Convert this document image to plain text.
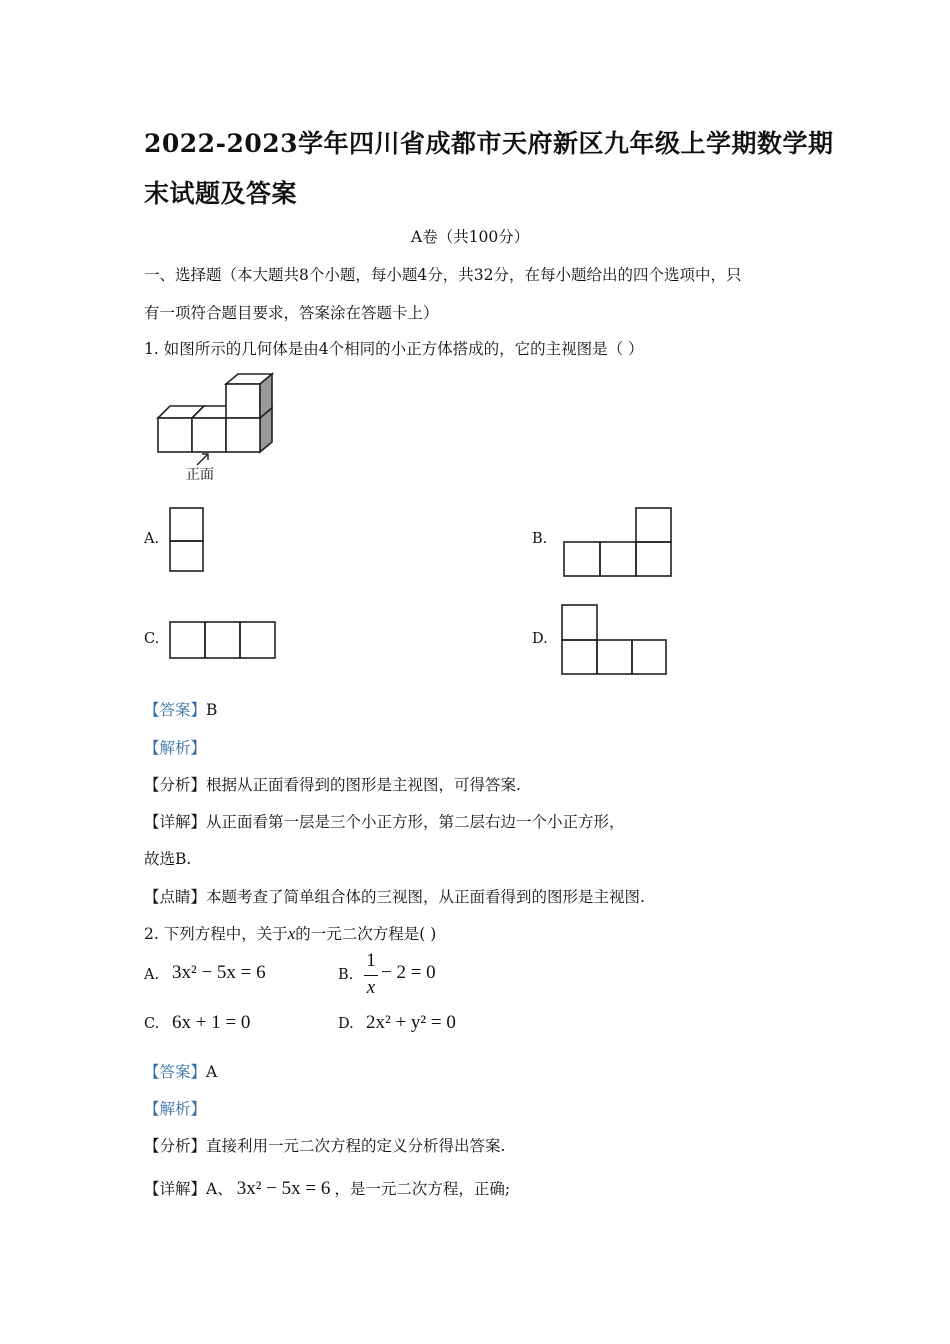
2022-2023学年四川省成都市天府新区九年级上学期数学期
末试题及答案
A卷（共100分）
一、选择题（本大题共8个小题，每小题4分，共32分，在每小题给出的四个选项中，只
有一项符合题目要求，答案涂在答题卡上）
1. 如图所示的几何体是由4个相同的小正方体搭成的，它的主视图是（ ）
正面
A.	B.
C.	D.
【答案】B
【解析】
【分析】根据从正面看得到的图形是主视图，可得答案.
【详解】从正面看第一层是三个小正方形，第二层右边一个小正方形，
故选B.
【点睛】本题考查了简单组合体的三视图，从正面看得到的图形是主视图.
2. 下列方程中，关于x的一元二次方程是( )
A. 3x² − 5x = 6	B.
1
x
− 2 = 0
C. 6x + 1 = 0	D. 2x² + y² = 0
【答案】A
【解析】
【分析】直接利用一元二次方程的定义分析得出答案.
【详解】A、 3x² − 5x = 6 ，是一元二次方程，正确;
